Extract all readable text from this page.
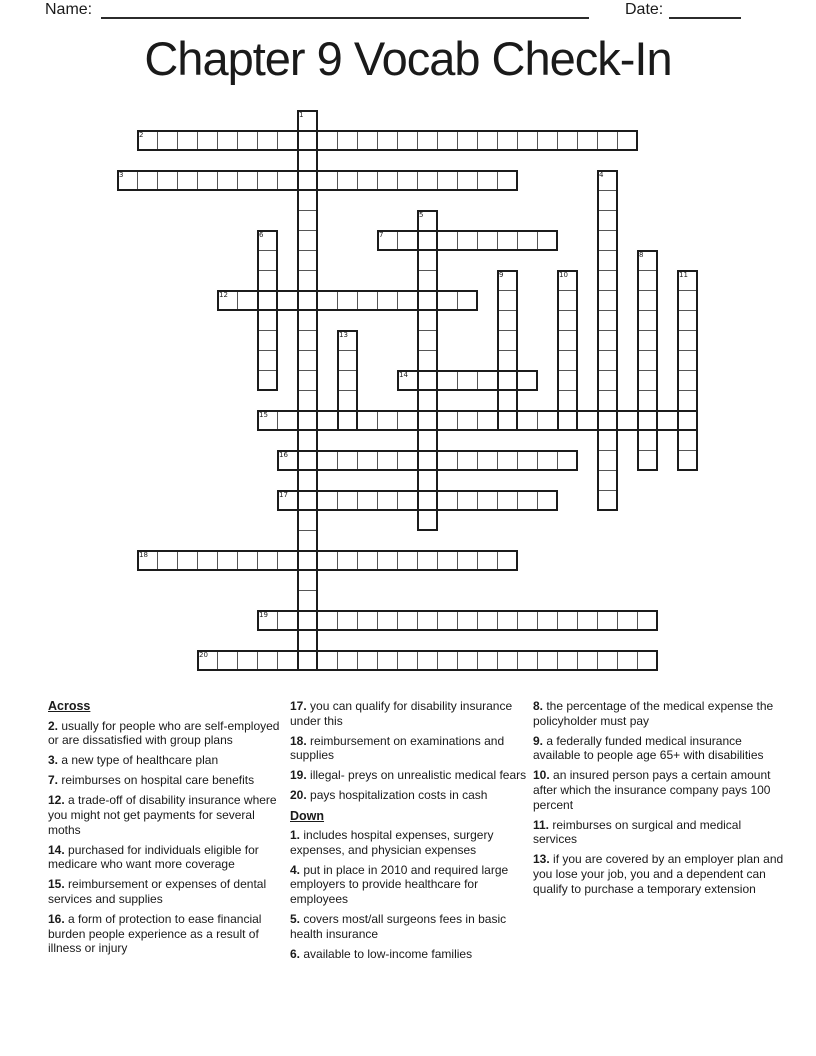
Name:	Date:
Chapter 9 Vocab Check-In
1
2
3	4
5
6	7
8
9	10	11
12
13
14
15
16
17
18
19
20
Across

2. usually for people who are self-employed or are dissatisfied with group plans

3. a new type of healthcare plan

7. reimburses on hospital care benefits

12. a trade-off of disability insurance where you might not get payments for several moths

14. purchased for individuals eligible for medicare who want more coverage

15. reimbursement or expenses of dental services and supplies

16. a form of protection to ease financial burden people experience as a result of illness or injury

17. you can qualify for disability insurance under this

18. reimbursement on examinations and supplies

19. illegal- preys on unrealistic medical fears

20. pays hospitalization costs in cash

Down

1. includes hospital expenses, surgery expenses, and physician expenses

4. put in place in 2010 and required large employers to provide healthcare for employees

5. covers most/all surgeons fees in basic health insurance

6. available to low-income families

8. the percentage of the medical expense the policyholder must pay

9. a federally funded medical insurance available to people age 65+ with disabilities

10. an insured person pays a certain amount after which the insurance company pays 100 percent

11. reimburses on surgical and medical services

13. if you are covered by an employer plan and you lose your job, you and a dependent can qualify to purchase a temporary extension
